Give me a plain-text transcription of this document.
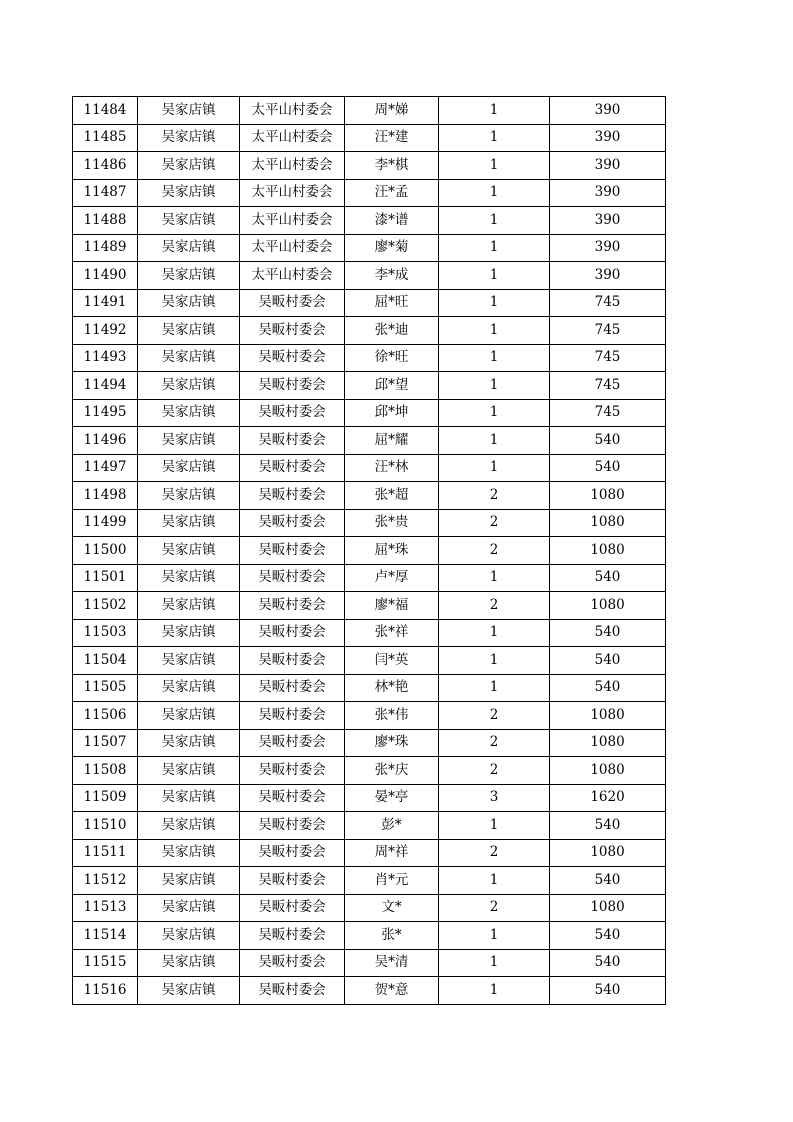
11484	吴家店镇	太平山村委会	周*娣	1	390
11485	吴家店镇	太平山村委会	汪*建	1	390
11486	吴家店镇	太平山村委会	李*棋	1	390
11487	吴家店镇	太平山村委会	汪*孟	1	390
11488	吴家店镇	太平山村委会	漆*谱	1	390
11489	吴家店镇	太平山村委会	廖*菊	1	390
11490	吴家店镇	太平山村委会	李*成	1	390
11491	吴家店镇	吴畈村委会	屈*旺	1	745
11492	吴家店镇	吴畈村委会	张*迪	1	745
11493	吴家店镇	吴畈村委会	徐*旺	1	745
11494	吴家店镇	吴畈村委会	邱*望	1	745
11495	吴家店镇	吴畈村委会	邱*坤	1	745
11496	吴家店镇	吴畈村委会	屈*耀	1	540
11497	吴家店镇	吴畈村委会	汪*林	1	540
11498	吴家店镇	吴畈村委会	张*超	2	1080
11499	吴家店镇	吴畈村委会	张*贵	2	1080
11500	吴家店镇	吴畈村委会	屈*珠	2	1080
11501	吴家店镇	吴畈村委会	卢*厚	1	540
11502	吴家店镇	吴畈村委会	廖*福	2	1080
11503	吴家店镇	吴畈村委会	张*祥	1	540
11504	吴家店镇	吴畈村委会	闫*英	1	540
11505	吴家店镇	吴畈村委会	林*艳	1	540
11506	吴家店镇	吴畈村委会	张*伟	2	1080
11507	吴家店镇	吴畈村委会	廖*珠	2	1080
11508	吴家店镇	吴畈村委会	张*庆	2	1080
11509	吴家店镇	吴畈村委会	晏*亭	3	1620
11510	吴家店镇	吴畈村委会	彭*	1	540
11511	吴家店镇	吴畈村委会	周*祥	2	1080
11512	吴家店镇	吴畈村委会	肖*元	1	540
11513	吴家店镇	吴畈村委会	文*	2	1080
11514	吴家店镇	吴畈村委会	张*	1	540
11515	吴家店镇	吴畈村委会	吴*清	1	540
11516	吴家店镇	吴畈村委会	贺*意	1	540
